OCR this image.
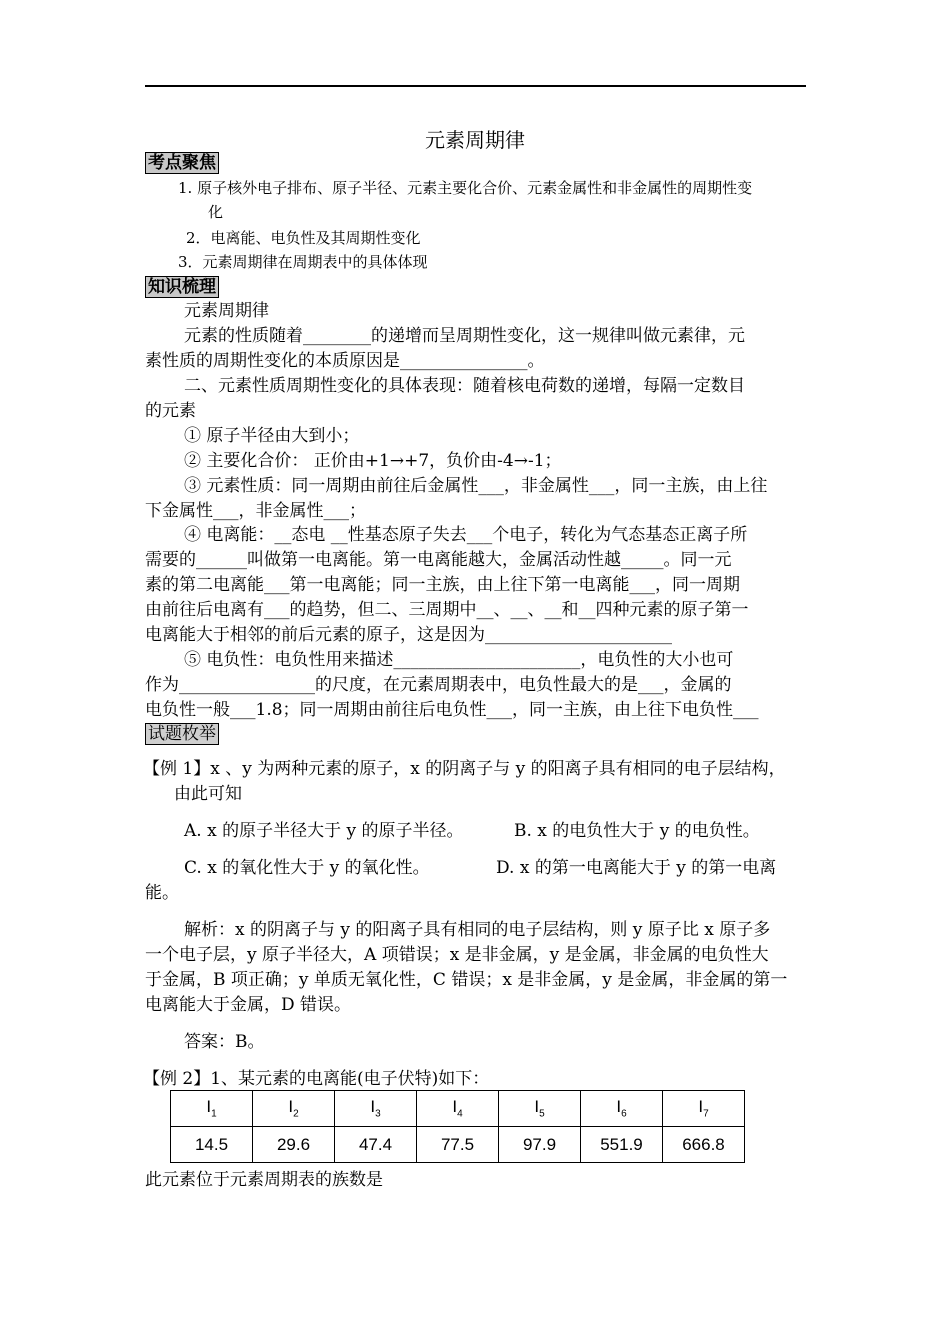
元素周期律
考点聚焦
1. 原子核外电子排布、原子半径、元素主要化合价、元素金属性和非金属性的周期性变
化
2．电离能、电负性及其周期性变化
3．元素周期律在周期表中的具体体现
知识梳理
元素周期律
元素的性质随着________的递增而呈周期性变化，这一规律叫做元素律，元
素性质的周期性变化的本质原因是_______________。
二、元素性质周期性变化的具体表现：随着核电荷数的递增，每隔一定数目
的元素
① 原子半径由大到小；
② 主要化合价： 正价由+1→+7，负价由-4→-1；
③ 元素性质：同一周期由前往后金属性___，非金属性___，同一主族，由上往
下金属性___，非金属性___；
④ 电离能：__态电 __性基态原子失去___个电子，转化为气态基态正离子所
需要的______叫做第一电离能。第一电离能越大，金属活动性越_____。同一元
素的第二电离能___第一电离能；同一主族，由上往下第一电离能___，同一周期
由前往后电离有___的趋势，但二、三周期中__、__、__和__四种元素的原子第一
电离能大于相邻的前后元素的原子，这是因为______________________
⑤ 电负性：电负性用来描述______________________，电负性的大小也可
作为________________的尺度，在元素周期表中，电负性最大的是___，金属的
电负性一般___1.8；同一周期由前往后电负性___，同一主族，由上往下电负性___
试题枚举
【例 1】x 、y 为两种元素的原子，x 的阴离子与 y 的阳离子具有相同的电子层结构，
由此可知
A. x 的原子半径大于 y 的原子半径。	B. x 的电负性大于 y 的电负性。
C. x 的氧化性大于 y 的氧化性。	D. x 的第一电离能大于 y 的第一电离
能。
解析：x 的阴离子与 y 的阳离子具有相同的电子层结构，则 y 原子比 x 原子多
一个电子层，y 原子半径大，A 项错误；x 是非金属，y 是金属，非金属的电负性大
于金属，B 项正确；y 单质无氧化性，C 错误；x 是非金属，y 是金属，非金属的第一
电离能大于金属，D 错误。
答案：B。
【例 2】1、某元素的电离能(电子伏特)如下：
$I_1$	$I_2$	$I_3$	$I_4$	$I_5$	$I_6$	$I_7$
14.5	29.6	47.4	77.5	97.9	551.9	666.8
此元素位于元素周期表的族数是
